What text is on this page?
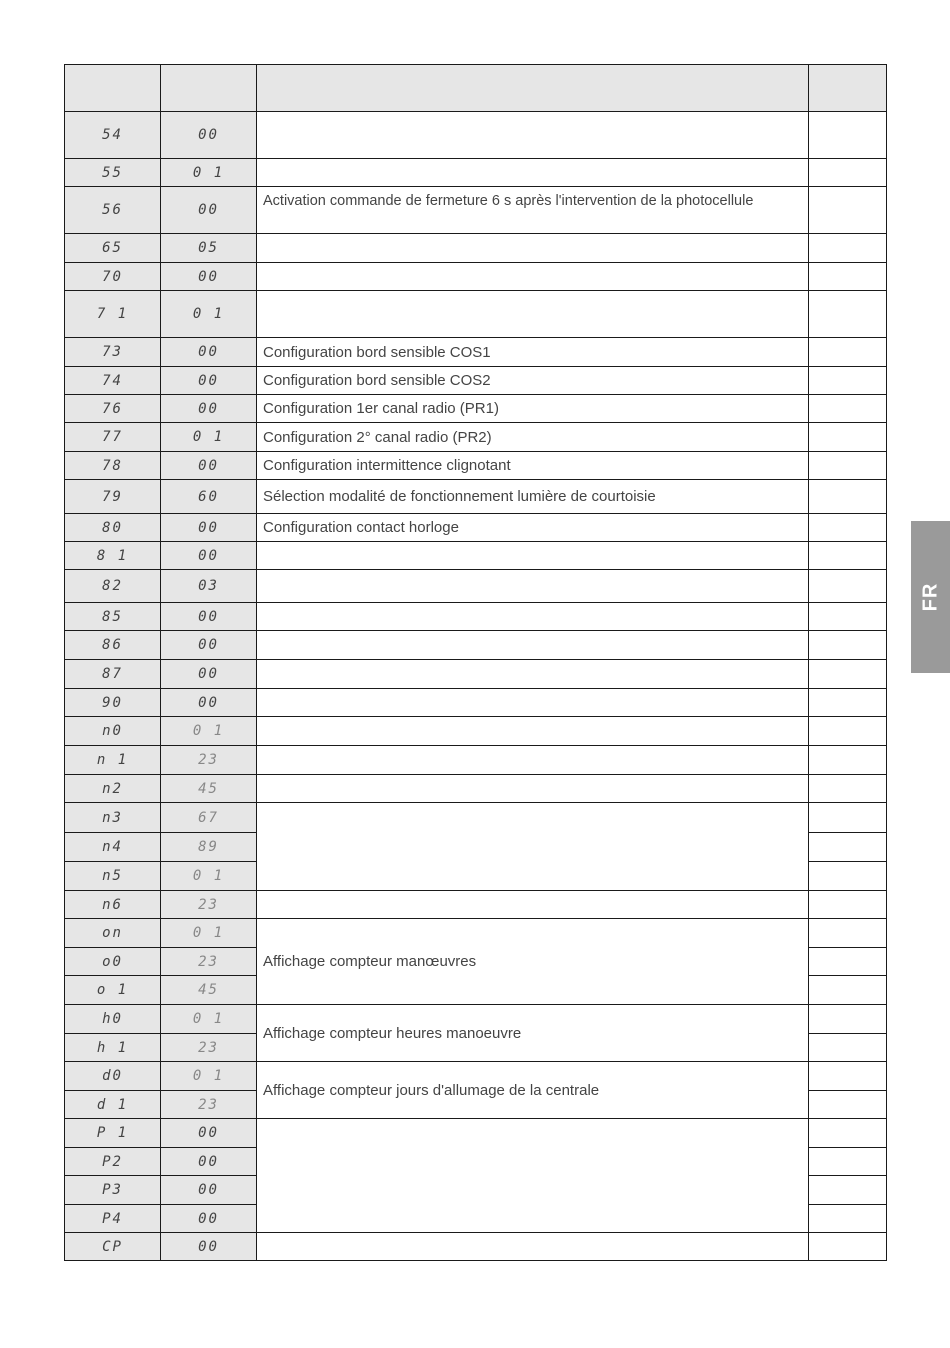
54	00		
55	0 1		
56	00	Activation commande de fermeture 6 s après l'intervention de la photocellule	
65	05		
70	00		
7 1	0 1		
73	00	Configuration bord sensible COS1	
74	00	Configuration bord sensible COS2	
76	00	Configuration 1er canal radio (PR1)	
77	0 1	Configuration 2° canal radio (PR2)	
78	00	Configuration intermittence clignotant	
79	60	Sélection modalité de fonctionnement lumière de courtoisie	
80	00	Configuration contact horloge	
8 1	00		
82	03		
85	00		
86	00		
87	00		
90	00		
n0	0 1		
n 1	23		
n2	45		
n3	67		
n4	89		
n5	0 1		
n6	23		
on	0 1	Affichage compteur manœuvres	
o0	23		
o 1	45		
h0	0 1	Affichage compteur heures manoeuvre	
h 1	23		
d0	0 1	Affichage compteur jours d'allumage de la centrale	
d 1	23		
P 1	00		
P2	00		
P3	00		
P4	00		
CP	00		
FR
